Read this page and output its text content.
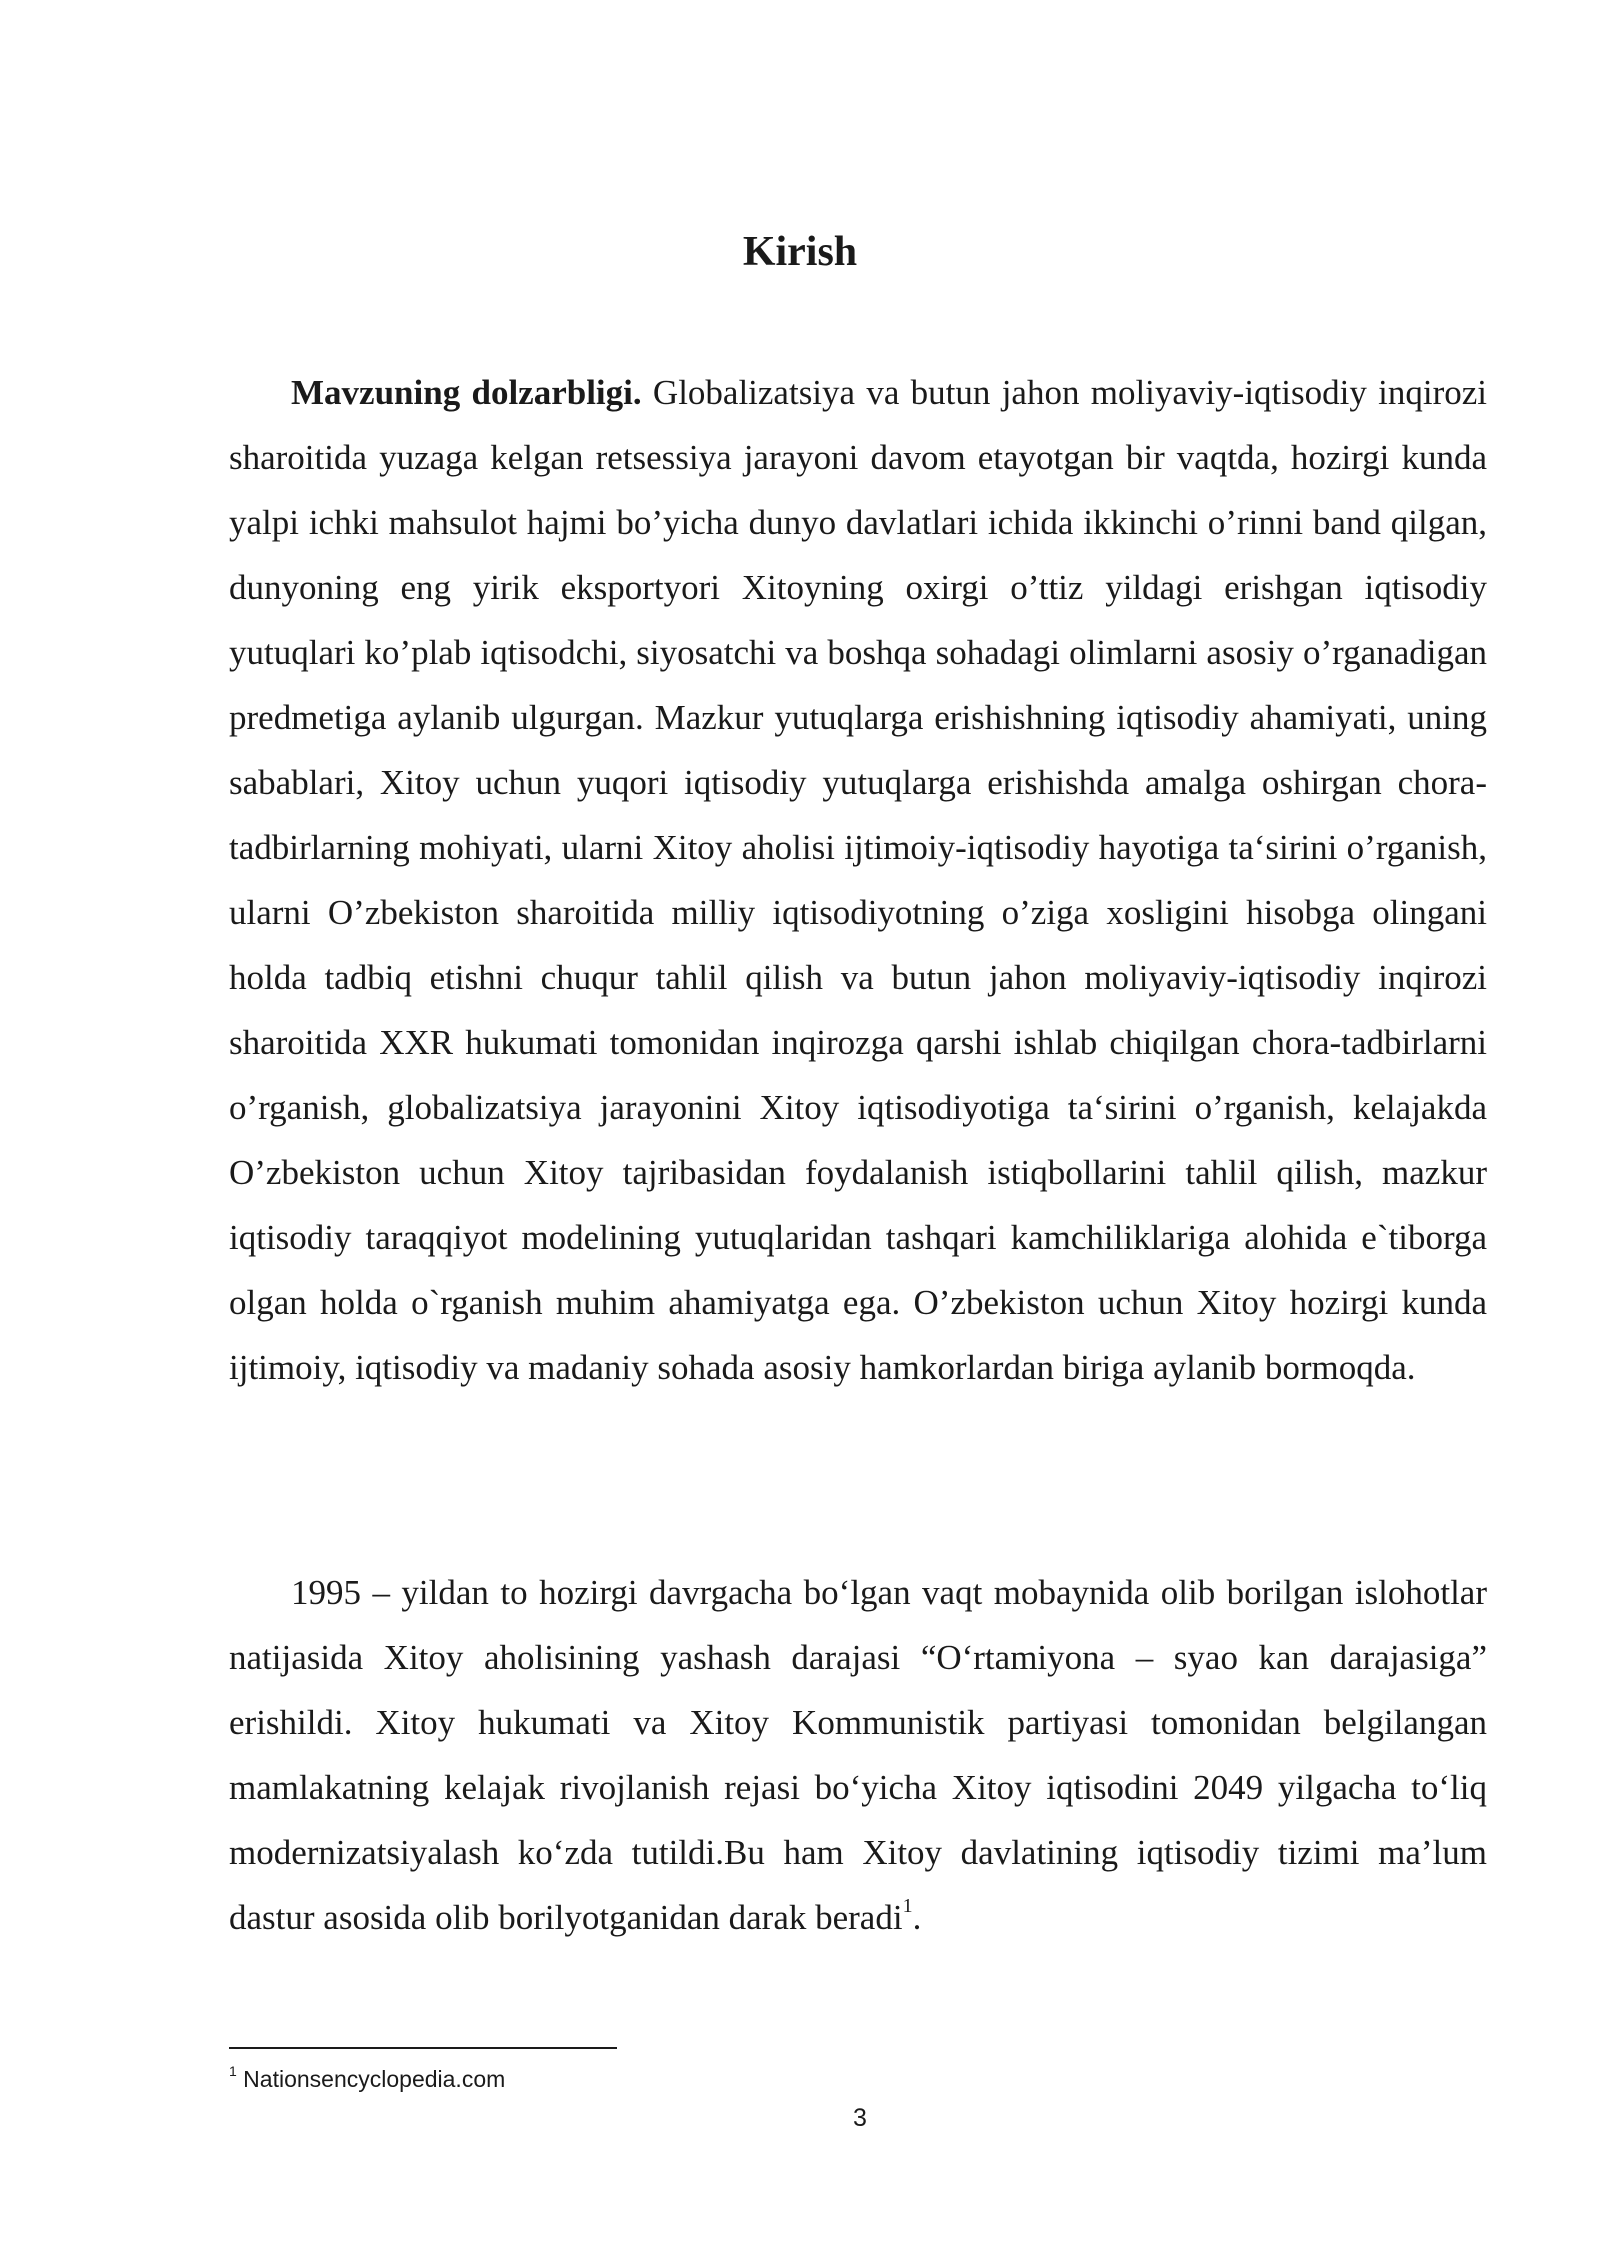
Kirish

Mavzuning dolzarbligi. Globalizatsiya va butun jahon moliyaviy-iqtisodiy inqirozi sharoitida yuzaga kelgan retsessiya jarayoni davom etayotgan bir vaqtda, hozirgi kunda yalpi ichki mahsulot hajmi bo’yicha dunyo davlatlari ichida ikkinchi o’rinni band qilgan, dunyoning eng yirik eksportyori Xitoyning oxirgi o’ttiz yildagi erishgan iqtisodiy yutuqlari ko’plab iqtisodchi, siyosatchi va boshqa sohadagi olimlarni asosiy o’rganadigan predmetiga aylanib ulgurgan. Mazkur yutuqlarga erishishning iqtisodiy ahamiyati, uning sabablari, Xitoy uchun yuqori iqtisodiy yutuqlarga erishishda amalga oshirgan chora-tadbirlarning mohiyati, ularni Xitoy aholisi ijtimoiy-iqtisodiy hayotiga ta‘sirini o’rganish, ularni O’zbekiston sharoitida milliy iqtisodiyotning o’ziga xosligini hisobga olingani holda tadbiq etishni chuqur tahlil qilish va butun jahon moliyaviy-iqtisodiy inqirozi sharoitida XXR hukumati tomonidan inqirozga qarshi ishlab chiqilgan chora-tadbirlarni o’rganish, globalizatsiya jarayonini Xitoy iqtisodiyotiga ta‘sirini o’rganish, kelajakda O’zbekiston uchun Xitoy tajribasidan foydalanish istiqbollarini tahlil qilish, mazkur iqtisodiy taraqqiyot modelining yutuqlaridan tashqari kamchiliklariga alohida e`tiborga olgan holda o`rganish muhim ahamiyatga ega. O’zbekiston uchun Xitoy hozirgi kunda ijtimoiy, iqtisodiy va madaniy sohada asosiy hamkorlardan biriga aylanib bormoqda.

1995 – yildan to hozirgi davrgacha bo‘lgan vaqt mobaynida olib borilgan islohotlar natijasida Xitoy aholisining yashash darajasi “O‘rtamiyona – syao kan darajasiga” erishildi. Xitoy hukumati va Xitoy Kommunistik partiyasi tomonidan belgilangan mamlakatning kelajak rivojlanish rejasi bo‘yicha Xitoy iqtisodini 2049 yilgacha to‘liq modernizatsiyalash ko‘zda tutildi.Bu ham Xitoy davlatining iqtisodiy tizimi ma’lum dastur asosida olib borilyotganidan darak beradi$^1$.

$^1$ Nationsencyclopedia.com
3
